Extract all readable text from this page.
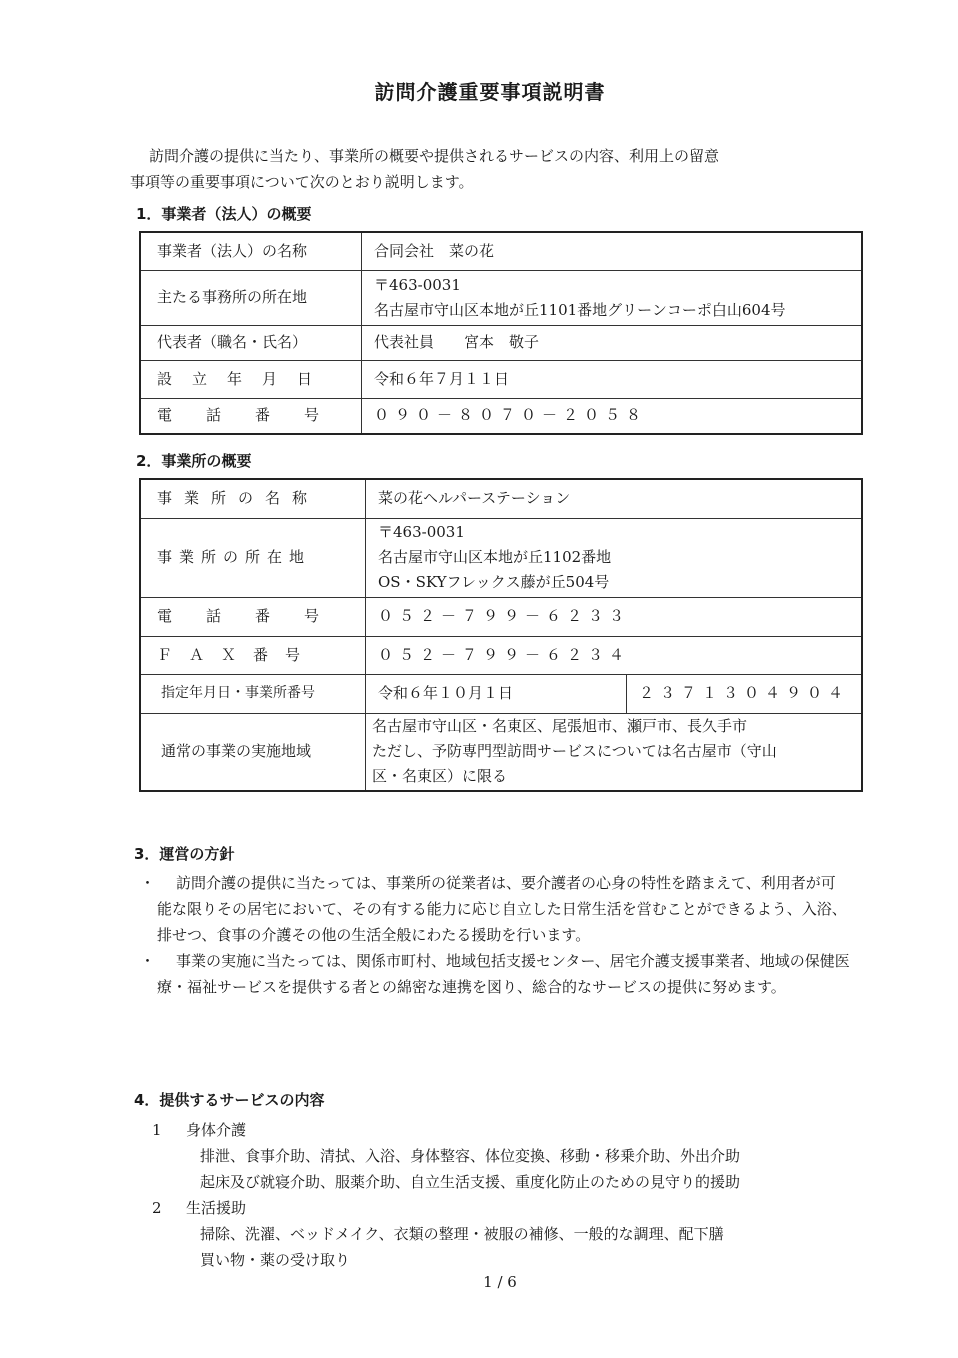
訪問介護重要事項説明書

訪問介護の提供に当たり、事業所の概要や提供されるサービスの内容、利用上の留意

事項等の重要事項について次のとおり説明します。

1．事業者（法人）の概要
事業者（法人）の名称	合同会社　菜の花
主たる事務所の所在地	〒463-0031
名古屋市守山区本地が丘1101番地グリーンコーポ白山604号

代表者（職名・氏名）	代表社員　　宮本　敬子
設立年月日	令和６年７月１１日
電話番号	０９０－８０７０－２０５８
2．事業所の概要
事業所の名称	菜の花ヘルパーステーション	
事業所の所在地	〒463-0031
名古屋市守山区本地が丘1102番地
OS・SKYフレックス藤が丘504号	

電話番号	０５２－７９９－６２３３	
ＦＡＸ番号	０５２－７９９－６２３４	
指定年月日・事業所番号	令和６年１０月１日	２３７１３０４９０４
通常の事業の実施地域	名古屋市守山区・名東区、尾張旭市、瀬戸市、長久手市
ただし、予防専門型訪問サービスについては名古屋市（守山
区・名東区）に限る	
3．運営の方針
・	訪問介護の提供に当たっては、事業所の従業者は、要介護者の心身の特性を踏まえて、利用者が可能な限りその居宅において、その有する能力に応じ自立した日常生活を営むことができるよう、入浴、排せつ、食事の介護その他の生活全般にわたる援助を行います。
・	事業の実施に当たっては、関係市町村、地域包括支援センター、居宅介護支援事業者、地域の保健医療・福祉サービスを提供する者との綿密な連携を図り、総合的なサービスの提供に努めます。
4．提供するサービスの内容
1 身体介護
排泄、食事介助、清拭、入浴、身体整容、体位変換、移動・移乗介助、外出介助
起床及び就寝介助、服薬介助、自立生活支援、重度化防止のための見守り的援助
2 生活援助
掃除、洗濯、ベッドメイク、衣類の整理・被服の補修、一般的な調理、配下膳
買い物・薬の受け取り
1 / 6
